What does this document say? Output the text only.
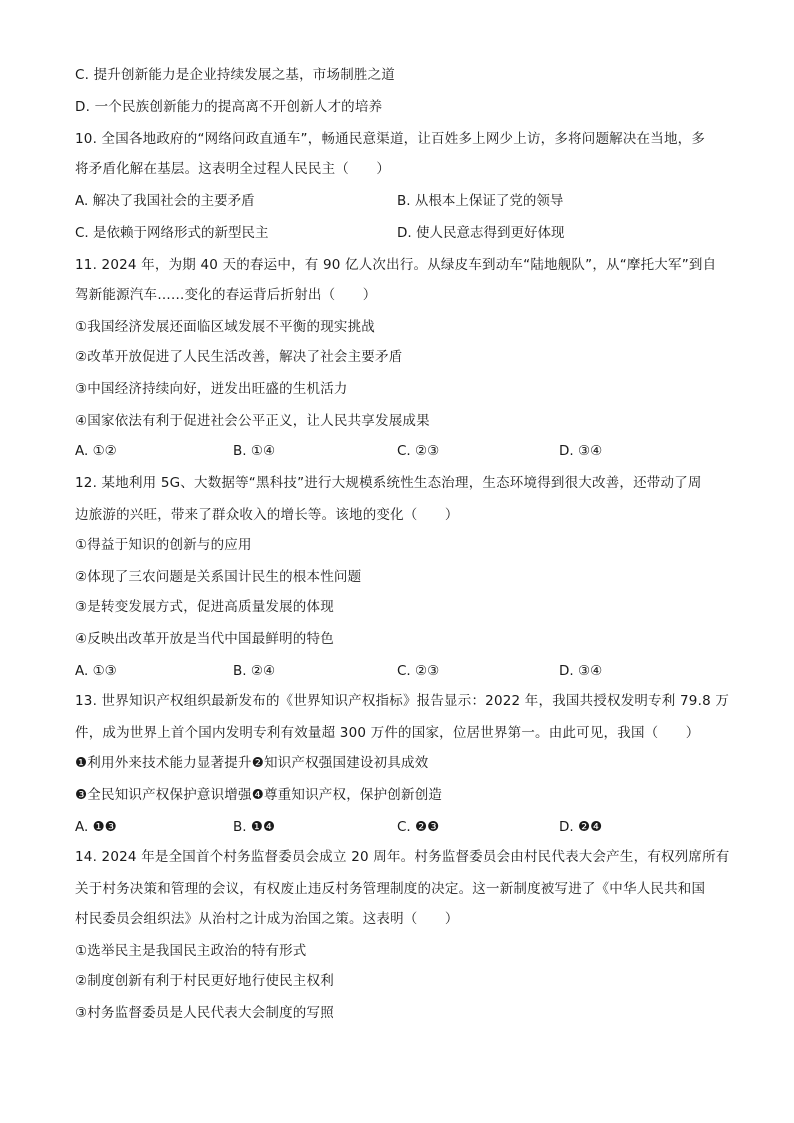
C. 提升创新能力是企业持续发展之基，市场制胜之道
D. 一个民族创新能力的提高离不开创新人才的培养
10. 全国各地政府的“网络问政直通车”，畅通民意渠道，让百姓多上网少上访，多将问题解决在当地，多
将矛盾化解在基层。这表明全过程人民民主（　　）
A. 解决了我国社会的主要矛盾	B. 从根本上保证了党的领导
C. 是依赖于网络形式的新型民主	D. 使人民意志得到更好体现
11. 2024 年，为期 40 天的春运中，有 90 亿人次出行。从绿皮车到动车“陆地舰队”，从“摩托大军”到自
驾新能源汽车……变化的春运背后折射出（　　）
①我国经济发展还面临区域发展不平衡的现实挑战
②改革开放促进了人民生活改善，解决了社会主要矛盾
③中国经济持续向好，迸发出旺盛的生机活力
④国家依法有利于促进社会公平正义，让人民共享发展成果
A. ①②	B. ①④	C. ②③	D. ③④
12. 某地利用 5G、大数据等“黑科技”进行大规模系统性生态治理，生态环境得到很大改善，还带动了周
边旅游的兴旺，带来了群众收入的增长等。该地的变化（　　）
①得益于知识的创新与的应用
②体现了三农问题是关系国计民生的根本性问题
③是转变发展方式，促进高质量发展的体现
④反映出改革开放是当代中国最鲜明的特色
A. ①③	B. ②④	C. ②③	D. ③④
13. 世界知识产权组织最新发布的《世界知识产权指标》报告显示：2022 年，我国共授权发明专利 79.8 万
件，成为世界上首个国内发明专利有效量超 300 万件的国家，位居世界第一。由此可见，我国（　　）
❶利用外来技术能力显著提升❷知识产权强国建设初具成效
❸全民知识产权保护意识增强❹尊重知识产权，保护创新创造
A. ❶❸	B. ❶❹	C. ❷❸	D. ❷❹
14. 2024 年是全国首个村务监督委员会成立 20 周年。村务监督委员会由村民代表大会产生，有权列席所有
关于村务决策和管理的会议，有权废止违反村务管理制度的决定。这一新制度被写进了《中华人民共和国
村民委员会组织法》从治村之计成为治国之策。这表明（　　）
①选举民主是我国民主政治的特有形式
②制度创新有利于村民更好地行使民主权利
③村务监督委员是人民代表大会制度的写照
